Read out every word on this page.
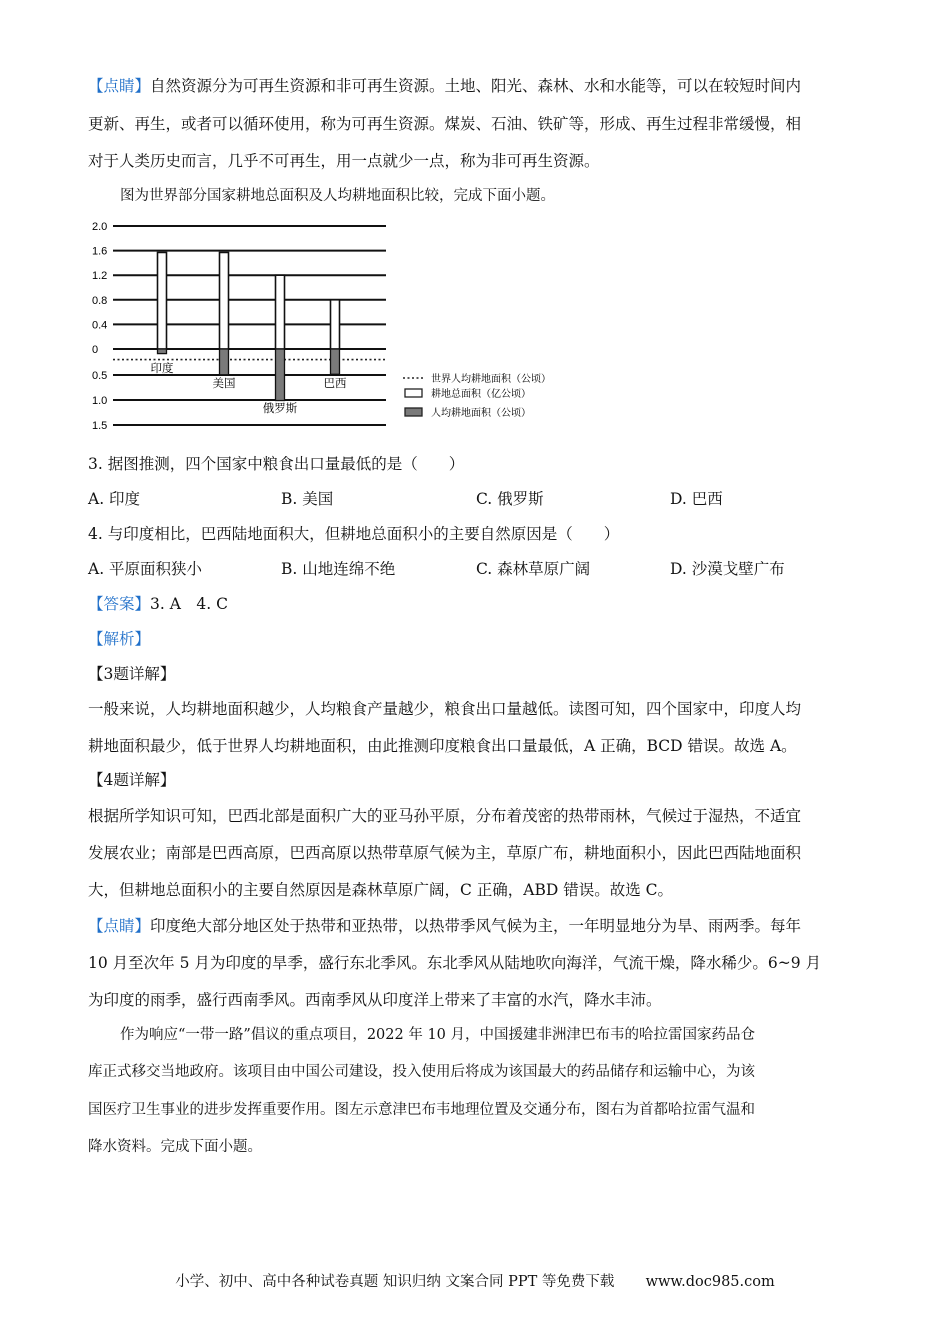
【点睛】自然资源分为可再生资源和非可再生资源。土地、阳光、森林、水和水能等，可以在较短时间内
更新、再生，或者可以循环使用，称为可再生资源。煤炭、石油、铁矿等，形成、再生过程非常缓慢，相
对于人类历史而言，几乎不可再生，用一点就少一点，称为非可再生资源。
图为世界部分国家耕地总面积及人均耕地面积比较，完成下面小题。
2.0
1.6
1.2
0.8
0.4
0
0.5
1.0
1.5
印度
美国
俄罗斯
巴西	世界人均耕地面积（公顷）
耕地总面积（亿公顷）
人均耕地面积（公顷）
3. 据图推测，四个国家中粮食出口量最低的是（　　）
A. 印度	B. 美国	C. 俄罗斯	D. 巴西
4. 与印度相比，巴西陆地面积大，但耕地总面积小的主要自然原因是（　　）
A. 平原面积狭小	B. 山地连绵不绝	C. 森林草原广阔	D. 沙漠戈壁广布
【答案】3. A　4. C
【解析】
【3题详解】
一般来说，人均耕地面积越少，人均粮食产量越少，粮食出口量越低。读图可知，四个国家中，印度人均
耕地面积最少，低于世界人均耕地面积，由此推测印度粮食出口量最低，A 正确，BCD 错误。故选 A。
【4题详解】
根据所学知识可知，巴西北部是面积广大的亚马孙平原，分布着茂密的热带雨林，气候过于湿热，不适宜
发展农业；南部是巴西高原，巴西高原以热带草原气候为主，草原广布，耕地面积小，因此巴西陆地面积
大，但耕地总面积小的主要自然原因是森林草原广阔，C 正确，ABD 错误。故选 C。
【点睛】印度绝大部分地区处于热带和亚热带，以热带季风气候为主，一年明显地分为旱、雨两季。每年
10 月至次年 5 月为印度的旱季，盛行东北季风。东北季风从陆地吹向海洋，气流干燥，降水稀少。6~9 月
为印度的雨季，盛行西南季风。西南季风从印度洋上带来了丰富的水汽，降水丰沛。
作为响应“一带一路”倡议的重点项目，2022 年 10 月，中国援建非洲津巴布韦的哈拉雷国家药品仓
库正式移交当地政府。该项目由中国公司建设，投入使用后将成为该国最大的药品储存和运输中心，为该
国医疗卫生事业的进步发挥重要作用。图左示意津巴布韦地理位置及交通分布，图右为首都哈拉雷气温和
降水资料。完成下面小题。
小学、初中、高中各种试卷真题 知识归纳 文案合同 PPT 等免费下载 www.doc985.com
